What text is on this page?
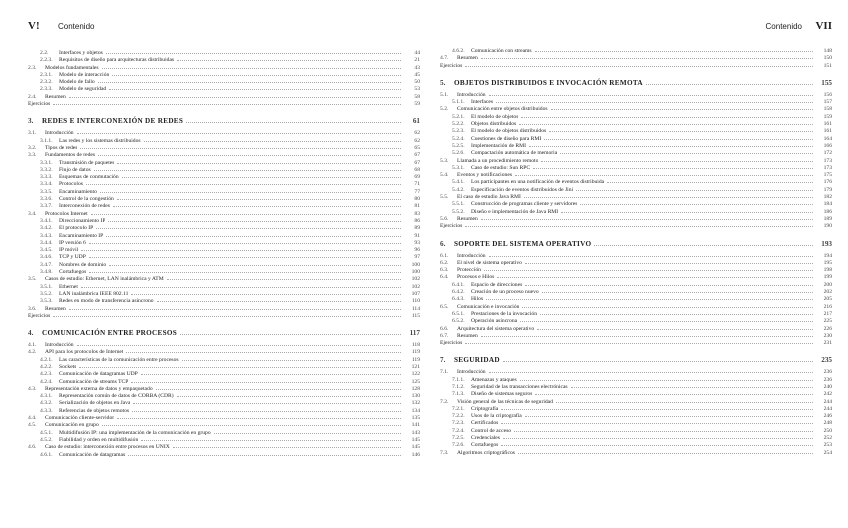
V! Contenido
2.2.	Interfaces y objetos	44
2.2.3.	Requisitos de diseño para arquitecturas distribuidas	21
2.3.	Modelos fundamentales	43
2.3.1.	Modelo de interacción	45
2.3.2.	Modelo de fallo	50
2.3.3.	Modelo de seguridad	53
2.4.	Resumen	58
Ejercicios	59
3.	REDES E INTERCONEXIÓN DE REDES	61
3.1.	Introducción	62
3.1.1.	Las redes y los sistemas distribuidos	62
3.2.	Tipos de redes	65
3.3.	Fundamentos de redes	67
3.3.1.	Transmisión de paquetes	67
3.3.2.	Flujo de datos	68
3.3.3.	Esquemas de conmutación	69
3.3.4.	Protocolos	71
3.3.5.	Encaminamiento	77
3.3.6.	Control de la congestión	80
3.3.7.	Interconexión de redes	81
3.4.	Protocolos Internet	83
3.4.1.	Direccionamiento IP	86
3.4.2.	El protocolo IP	89
3.4.3.	Encaminamiento IP	91
3.4.4.	IP versión 6	93
3.4.5.	IP móvil	96
3.4.6.	TCP y UDP	97
3.4.7.	Nombres de dominio	100
3.4.8.	Cortafuegos	100
3.5.	Casos de estudio: Ethernet, LAN inalámbrica y ATM	102
3.5.1.	Ethernet	102
3.5.2.	LAN inalámbrica IEEE 802.11	107
3.5.3.	Redes en modo de transferencia asíncrono	110
3.6.	Resumen	114
Ejercicios	115
4.	COMUNICACIÓN ENTRE PROCESOS	117
4.1.	Introducción	118
4.2.	API para los protocolos de Internet	119
4.2.1.	Las características de la comunicación entre procesos	119
4.2.2.	Sockets	121
4.2.3.	Comunicación de datagramas UDP	122
4.2.4.	Comunicación de streams TCP	125
4.3.	Representación externa de datos y empaquetado	128
4.3.1.	Representación común de datos de CORBA (CDR)	130
4.3.2.	Serialización de objetos en Java	132
4.3.3.	Referencias de objetos remotos	134
4.4.	Comunicación cliente-servidor	135
4.5.	Comunicación en grupo	141
4.5.1.	Multidifusión IP: una implementación de la comunicación en grupo	143
4.5.2.	Fiabilidad y orden en multidifusión	145
4.6.	Caso de estudio: interconexión entre procesos en UNIX	145
4.6.1.	Comunicación de datagramas	146
Contenido VII
4.6.2.	Comunicación con streams	148
4.7.	Resumen	150
Ejercicios	151
5.	OBJETOS DISTRIBUIDOS E INVOCACIÓN REMOTA	155
5.1.	Introducción	156
5.1.1.	Interfaces	157
5.2.	Comunicación entre objetos distribuidos	158
5.2.1.	El modelo de objetos	159
5.2.2.	Objetos distribuidos	161
5.2.3.	El modelo de objetos distribuidos	161
5.2.4.	Cuestiones de diseño para RMI	164
5.2.5.	Implementación de RMI	166
5.2.6.	Compactación automática de memoria	172
5.3.	Llamada a un procedimiento remoto	173
5.3.1.	Caso de estudio: Sun RPC	173
5.4.	Eventos y notificaciones	175
5.4.1.	Los participantes en una notificación de eventos distribuida	176
5.4.2.	Especificación de eventos distribuidos de Jini	179
5.5.	El caso de estudio Java RMI	182
5.5.1.	Construcción de programas cliente y servidores	184
5.5.2.	Diseño e implementación de Java RMI	186
5.6.	Resumen	189
Ejercicios	190
6.	SOPORTE DEL SISTEMA OPERATIVO	193
6.1.	Introducción	194
6.2.	El nivel de sistema operativo	195
6.3.	Protección	198
6.4.	Procesos e Hilos	199
6.4.1.	Espacio de direcciones	200
6.4.2.	Creación de un proceso nuevo	202
6.4.3.	Hilos	205
6.5.	Comunicación e invocación	216
6.5.1.	Prestaciones de la invocación	217
6.5.2.	Operación asíncrona	225
6.6.	Arquitectura del sistema operativo	226
6.7.	Resumen	230
Ejercicios	231
7.	SEGURIDAD	235
7.1.	Introducción	236
7.1.1.	Amenazas y ataques	236
7.1.2.	Seguridad de las transacciones electrónicas	240
7.1.3.	Diseño de sistemas seguros	242
7.2.	Visión general de las técnicas de seguridad	244
7.2.1.	Criptografía	244
7.2.2.	Usos de la criptografía	246
7.2.3.	Certificados	248
7.2.4.	Control de acceso	250
7.2.5.	Credenciales	252
7.2.6.	Cortafuegos	253
7.3.	Algoritmos criptográficos	254
